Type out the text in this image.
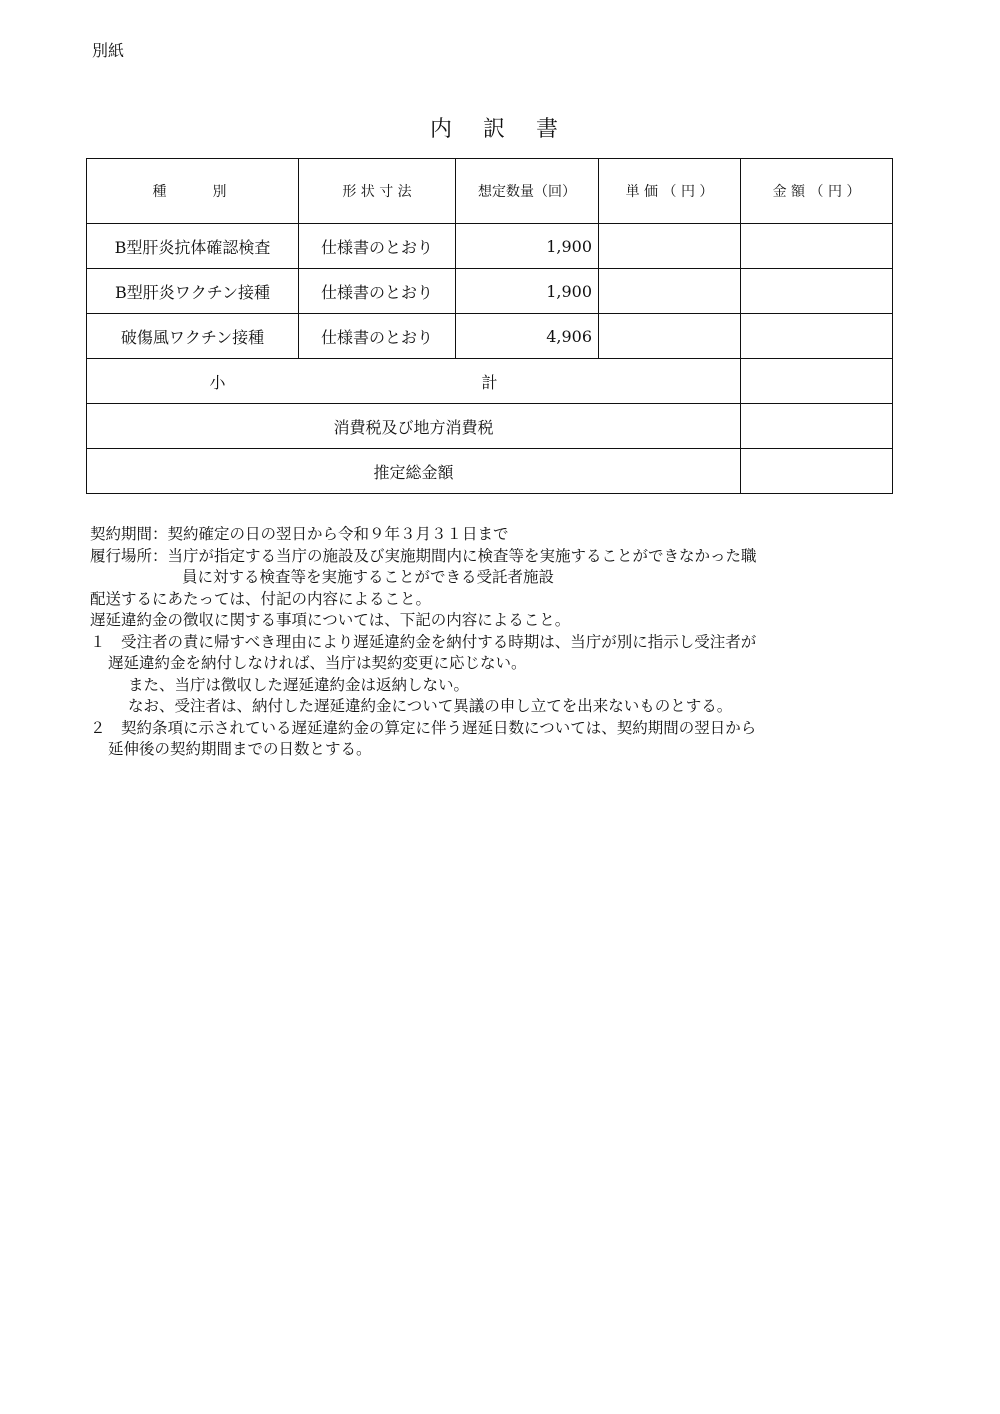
別紙
内 訳 書
種　　別	形 状 寸 法	想定数量（回）	単 価 （ 円 ）	金 額 （ 円 ）
B型肝炎抗体確認検査	仕様書のとおり	1,900		
B型肝炎ワクチン接種	仕様書のとおり	1,900		
破傷風ワクチン接種	仕様書のとおり	4,906		
小　計				
消費税及び地方消費税				
推定総金額				
契約期間：契約確定の日の翌日から令和９年３月３１日まで
履行場所：当庁が指定する当庁の施設及び実施期間内に検査等を実施することができなかった職
員に対する検査等を実施することができる受託者施設
配送するにあたっては、付記の内容によること。
遅延違約金の徴収に関する事項については、下記の内容によること。
１　受注者の責に帰すべき理由により遅延違約金を納付する時期は、当庁が別に指示し受注者が
遅延違約金を納付しなければ、当庁は契約変更に応じない。
また、当庁は徴収した遅延違約金は返納しない。
なお、受注者は、納付した遅延違約金について異議の申し立てを出来ないものとする。
２　契約条項に示されている遅延違約金の算定に伴う遅延日数については、契約期間の翌日から
延伸後の契約期間までの日数とする。
